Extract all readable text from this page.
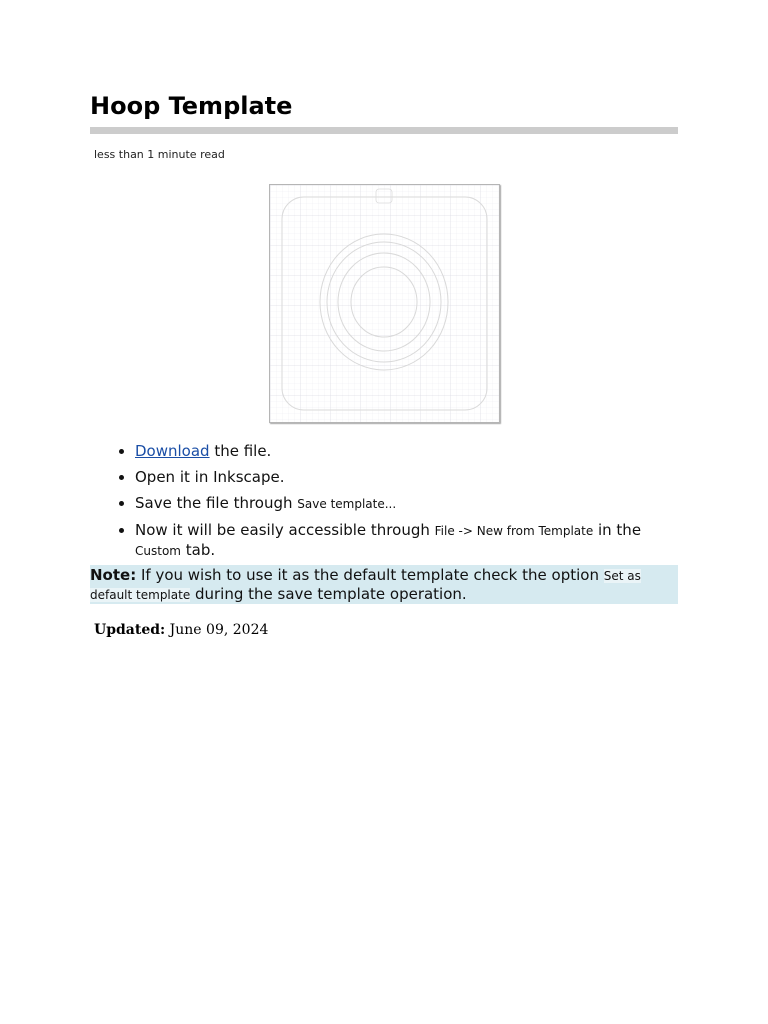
Hoop Template
less than 1 minute read
• Download the file.
• Open it in Inkscape.
• Save the file through Save template...
• Now it will be easily accessible through File -> New from Template in the Custom tab.
Note: If you wish to use it as the default template check the option Set as default template during the save template operation.
Updated: June 09, 2024
